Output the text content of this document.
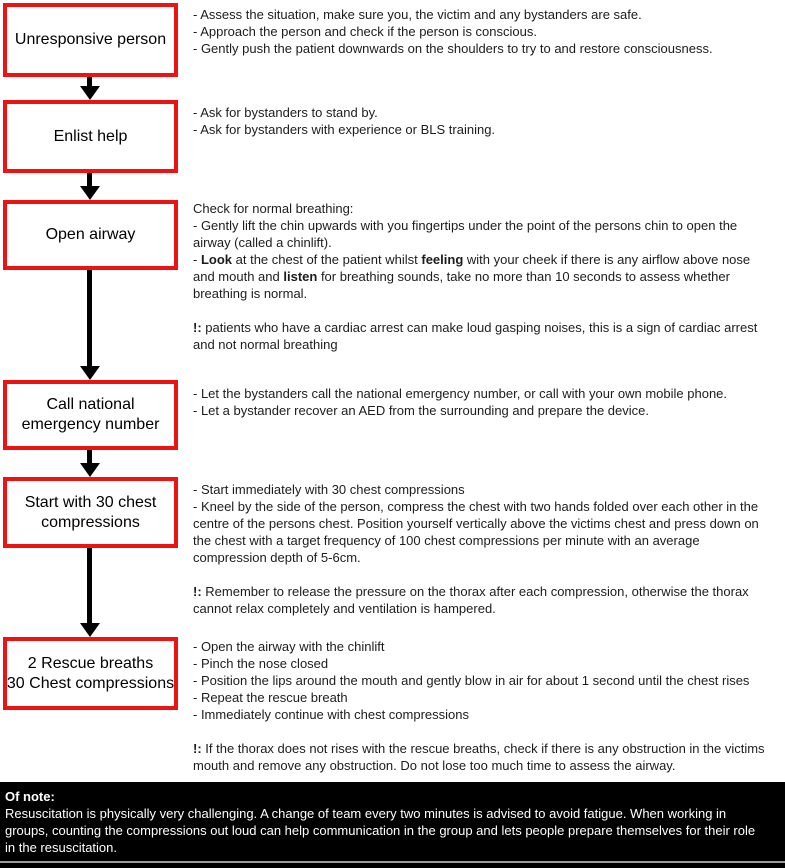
Unresponsive person
- Assess the situation, make sure you, the victim and any bystanders are safe.
- Approach the person and check if the person is conscious.
- Gently push the patient downwards on the shoulders to try to and restore consciousness.
Enlist help
- Ask for bystanders to stand by.
- Ask for bystanders with experience or BLS training.
Open airway
Check for normal breathing:
- Gently lift the chin upwards with you fingertips under the point of the persons chin to open the
airway (called a chinlift).
- Look at the chest of the patient whilst feeling with your cheek if there is any airflow above nose
and mouth and listen for breathing sounds, take no more than 10 seconds to assess whether
breathing is normal.
!: patients who have a cardiac arrest can make loud gasping noises, this is a sign of cardiac arrest
and not normal breathing
Call national
emergency number
- Let the bystanders call the national emergency number, or call with your own mobile phone.
- Let a bystander recover an AED from the surrounding and prepare the device.
Start with 30 chest
compressions
- Start immediately with 30 chest compressions
- Kneel by the side of the person, compress the chest with two hands folded over each other in the
centre of the persons chest. Position yourself vertically above the victims chest and press down on
the chest with a target frequency of 100 chest compressions per minute with an average
compression depth of 5-6cm.
!: Remember to release the pressure on the thorax after each compression, otherwise the thorax
cannot relax completely and ventilation is hampered.
2 Rescue breaths
30 Chest compressions
- Open the airway with the chinlift
- Pinch the nose closed
- Position the lips around the mouth and gently blow in air for about 1 second until the chest rises
- Repeat the rescue breath
- Immediately continue with chest compressions
!: If the thorax does not rises with the rescue breaths, check if there is any obstruction in the victims
mouth and remove any obstruction. Do not lose too much time to assess the airway.
Of note:
Resuscitation is physically very challenging. A change of team every two minutes is advised to avoid fatigue. When working in
groups, counting the compressions out loud can help communication in the group and lets people prepare themselves for their role
in the resuscitation.
